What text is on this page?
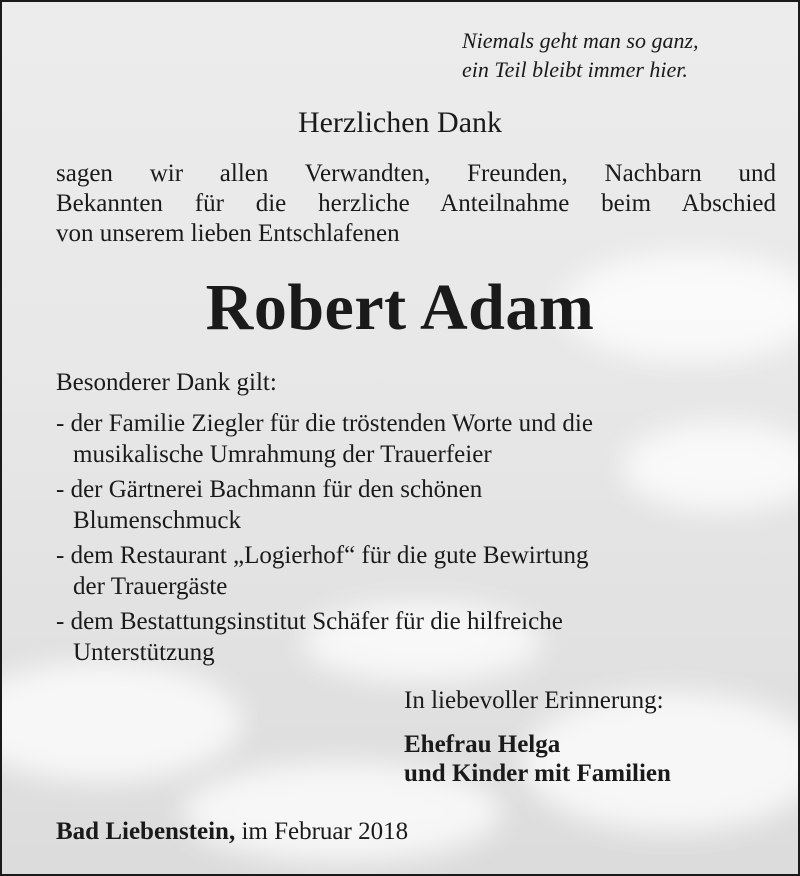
Niemals geht man so ganz,
ein Teil bleibt immer hier.
Herzlichen Dank
sagen wir allen Verwandten, Freunden, Nachbarn und
Bekannten für die herzliche Anteilnahme beim Abschied
von unserem lieben Entschlafenen
Robert Adam
Besonderer Dank gilt:
- der Familie Ziegler für die tröstenden Worte und die
musikalische Umrahmung der Trauerfeier
- der Gärtnerei Bachmann für den schönen
Blumenschmuck
- dem Restaurant „Logierhof“ für die gute Bewirtung
der Trauergäste
- dem Bestattungsinstitut Schäfer für die hilfreiche
Unterstützung
In liebevoller Erinnerung:
Ehefrau Helga
und Kinder mit Familien
Bad Liebenstein, im Februar 2018
